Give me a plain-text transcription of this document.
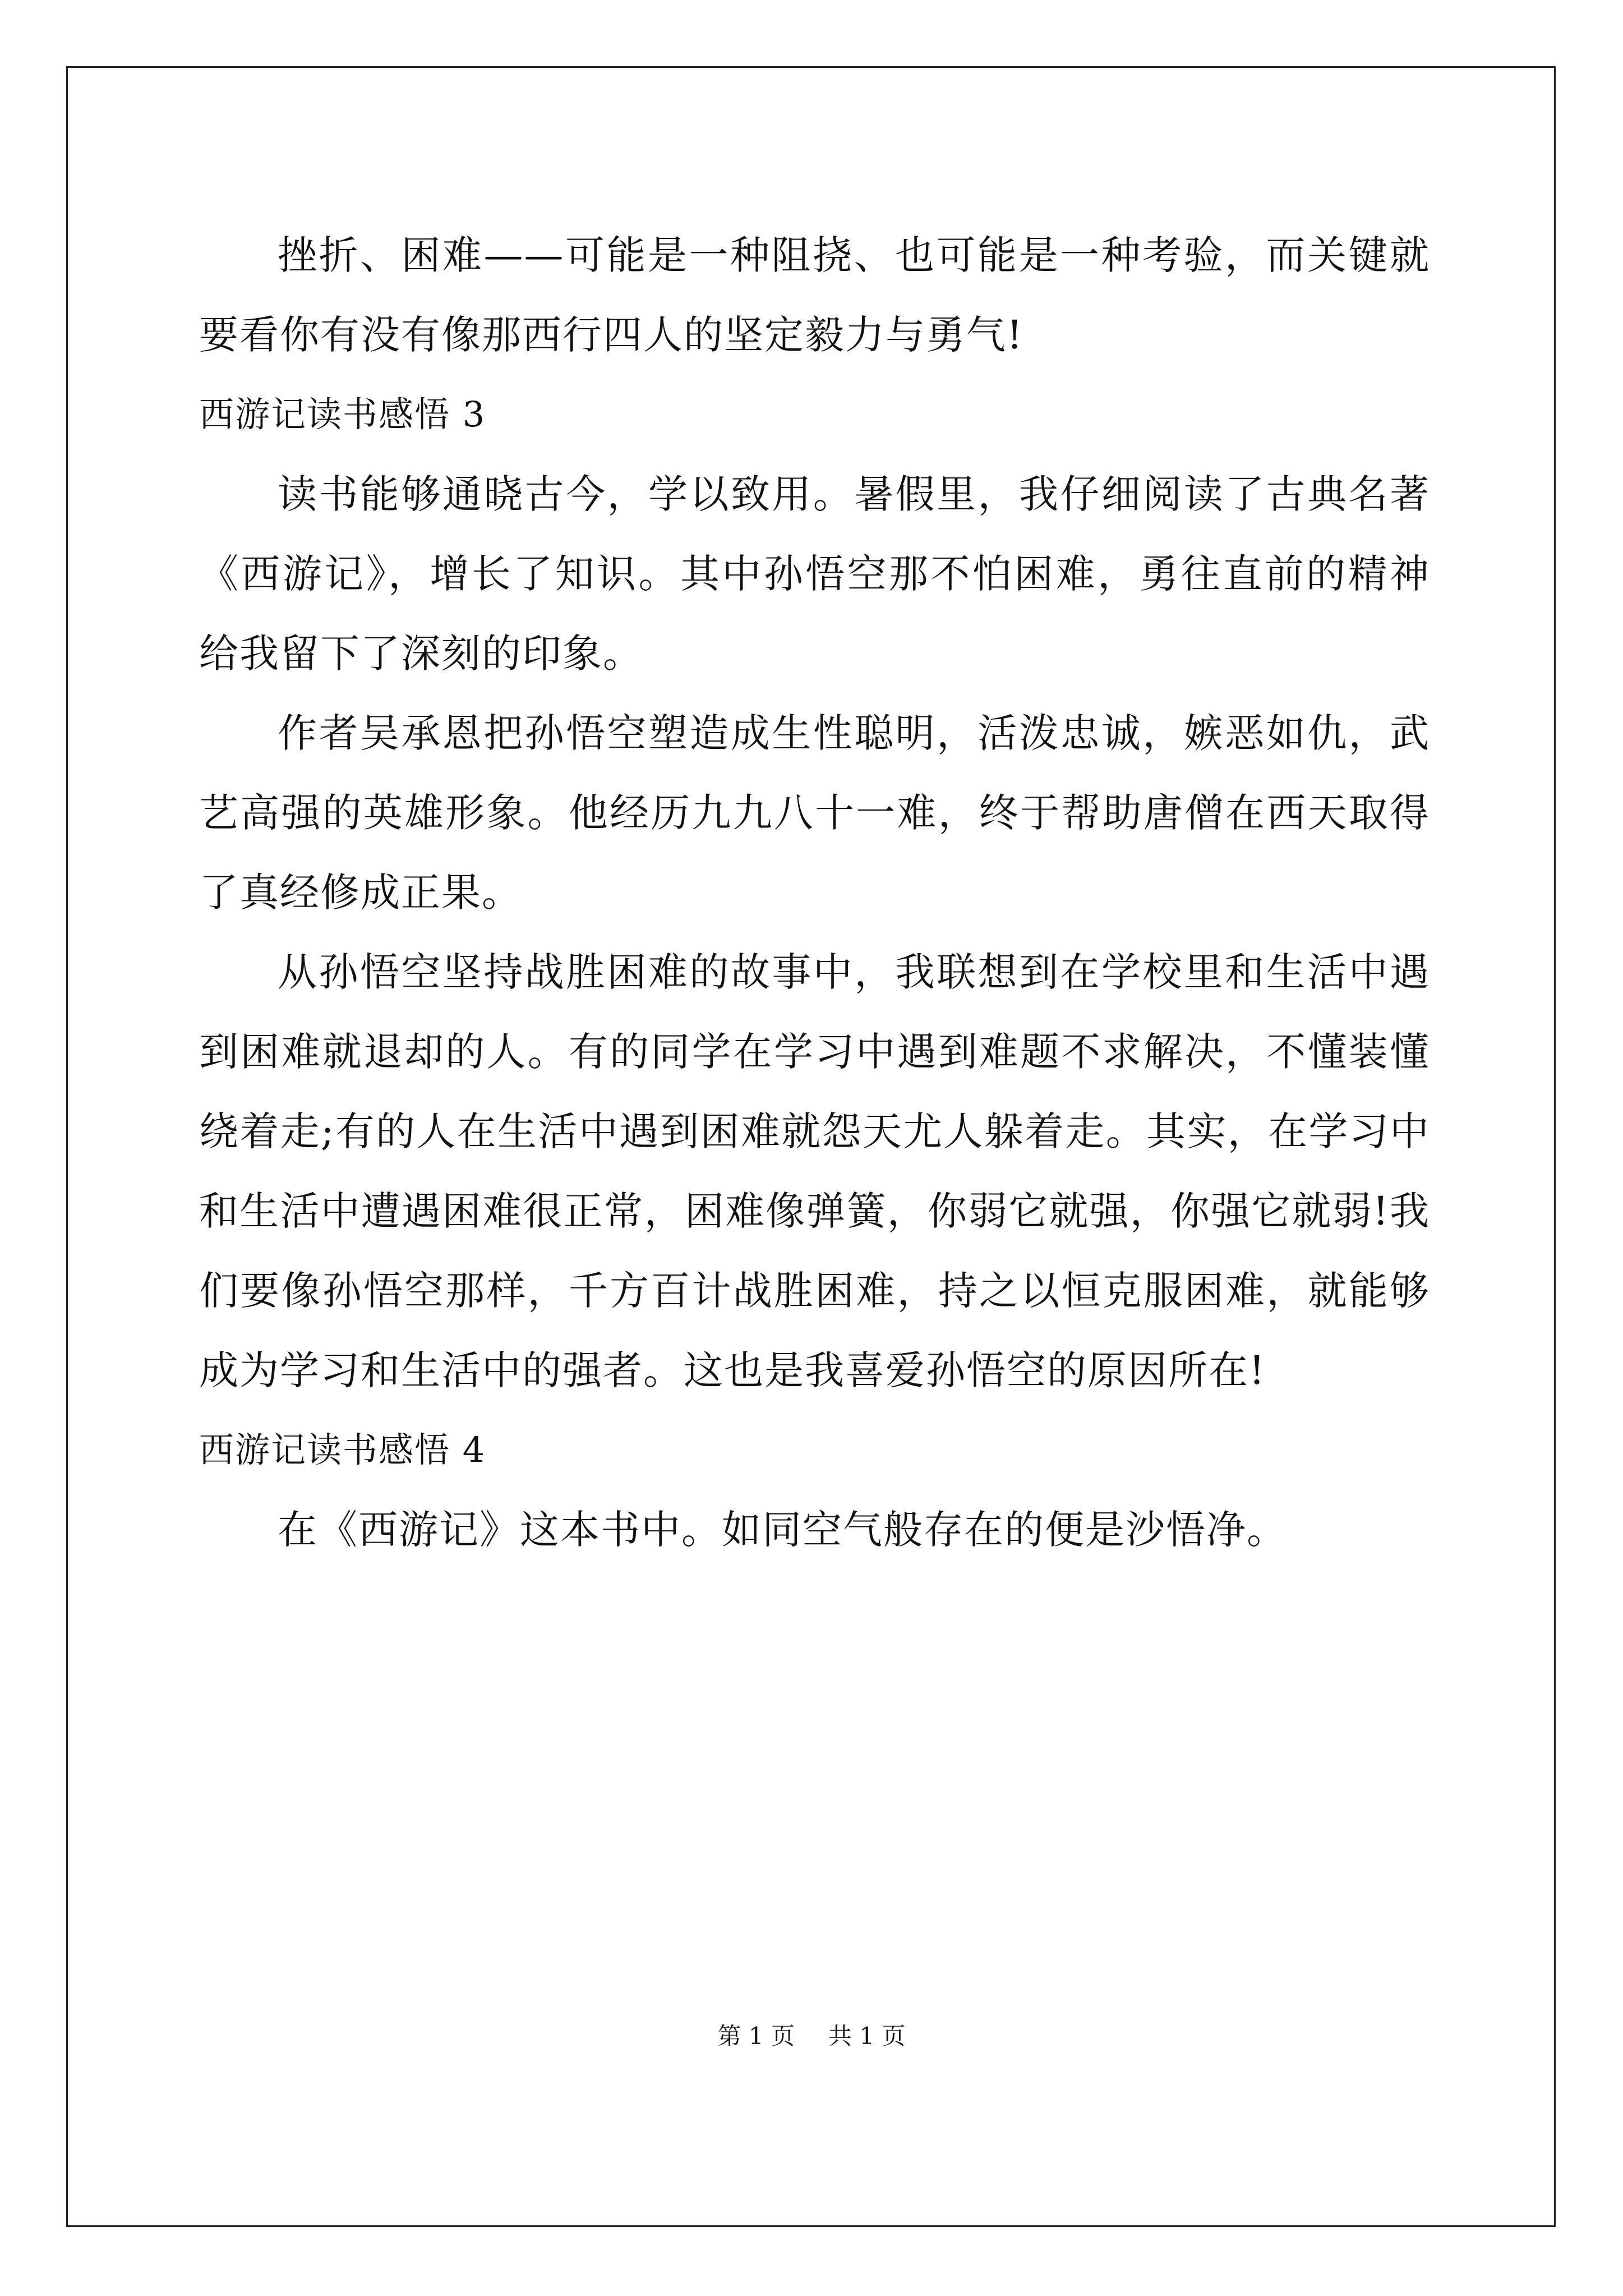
挫折、困难——可能是一种阻挠、也可能是一种考验，而关键就要看你有没有像那西行四人的坚定毅力与勇气!

西游记读书感悟 3

读书能够通晓古今，学以致用。暑假里，我仔细阅读了古典名著《西游记》，增长了知识。其中孙悟空那不怕困难，勇往直前的精神给我留下了深刻的印象。

作者吴承恩把孙悟空塑造成生性聪明，活泼忠诚，嫉恶如仇，武艺高强的英雄形象。他经历九九八十一难，终于帮助唐僧在西天取得了真经修成正果。

从孙悟空坚持战胜困难的故事中，我联想到在学校里和生活中遇到困难就退却的人。有的同学在学习中遇到难题不求解决，不懂装懂绕着走;有的人在生活中遇到困难就怨天尤人躲着走。其实，在学习中和生活中遭遇困难很正常，困难像弹簧，你弱它就强，你强它就弱!我们要像孙悟空那样，千方百计战胜困难，持之以恒克服困难，就能够成为学习和生活中的强者。这也是我喜爱孙悟空的原因所在!

西游记读书感悟 4

在《西游记》这本书中。如同空气般存在的便是沙悟净。

第 1 页 共 1 页
